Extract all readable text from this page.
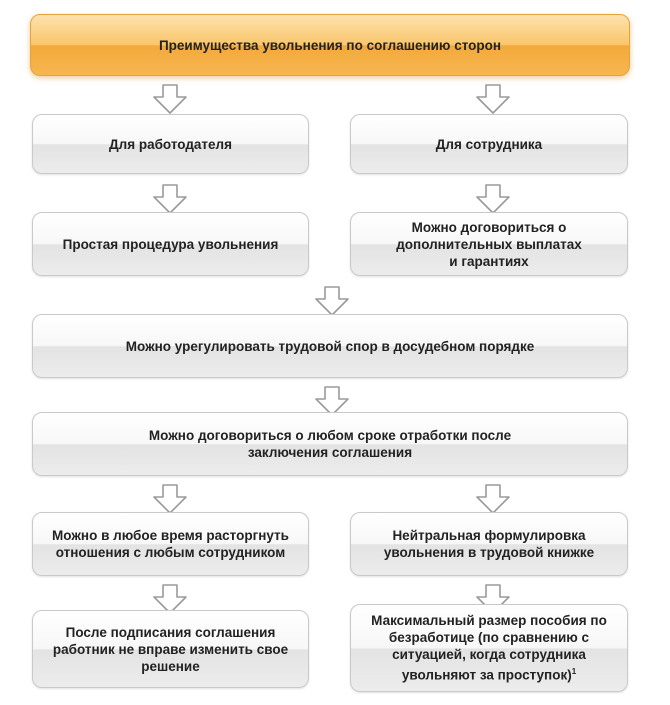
Преимущества увольнения по соглашению сторон
Для работодателя	Для сотрудника
Простая процедура увольнения
Можно договориться о дополнительных выплатах и гарантиях
Можно урегулировать трудовой спор в досудебном порядке
Можно договориться о любом сроке отработки после заключения соглашения
Можно в любое время расторгнуть отношения с любым сотрудником
Нейтральная формулировка увольнения в трудовой книжке
После подписания соглашения работник не вправе изменить свое решение
Максимальный размер пособия по безработице (по сравнению с ситуацией, когда сотрудника увольняют за проступок)$^1$
